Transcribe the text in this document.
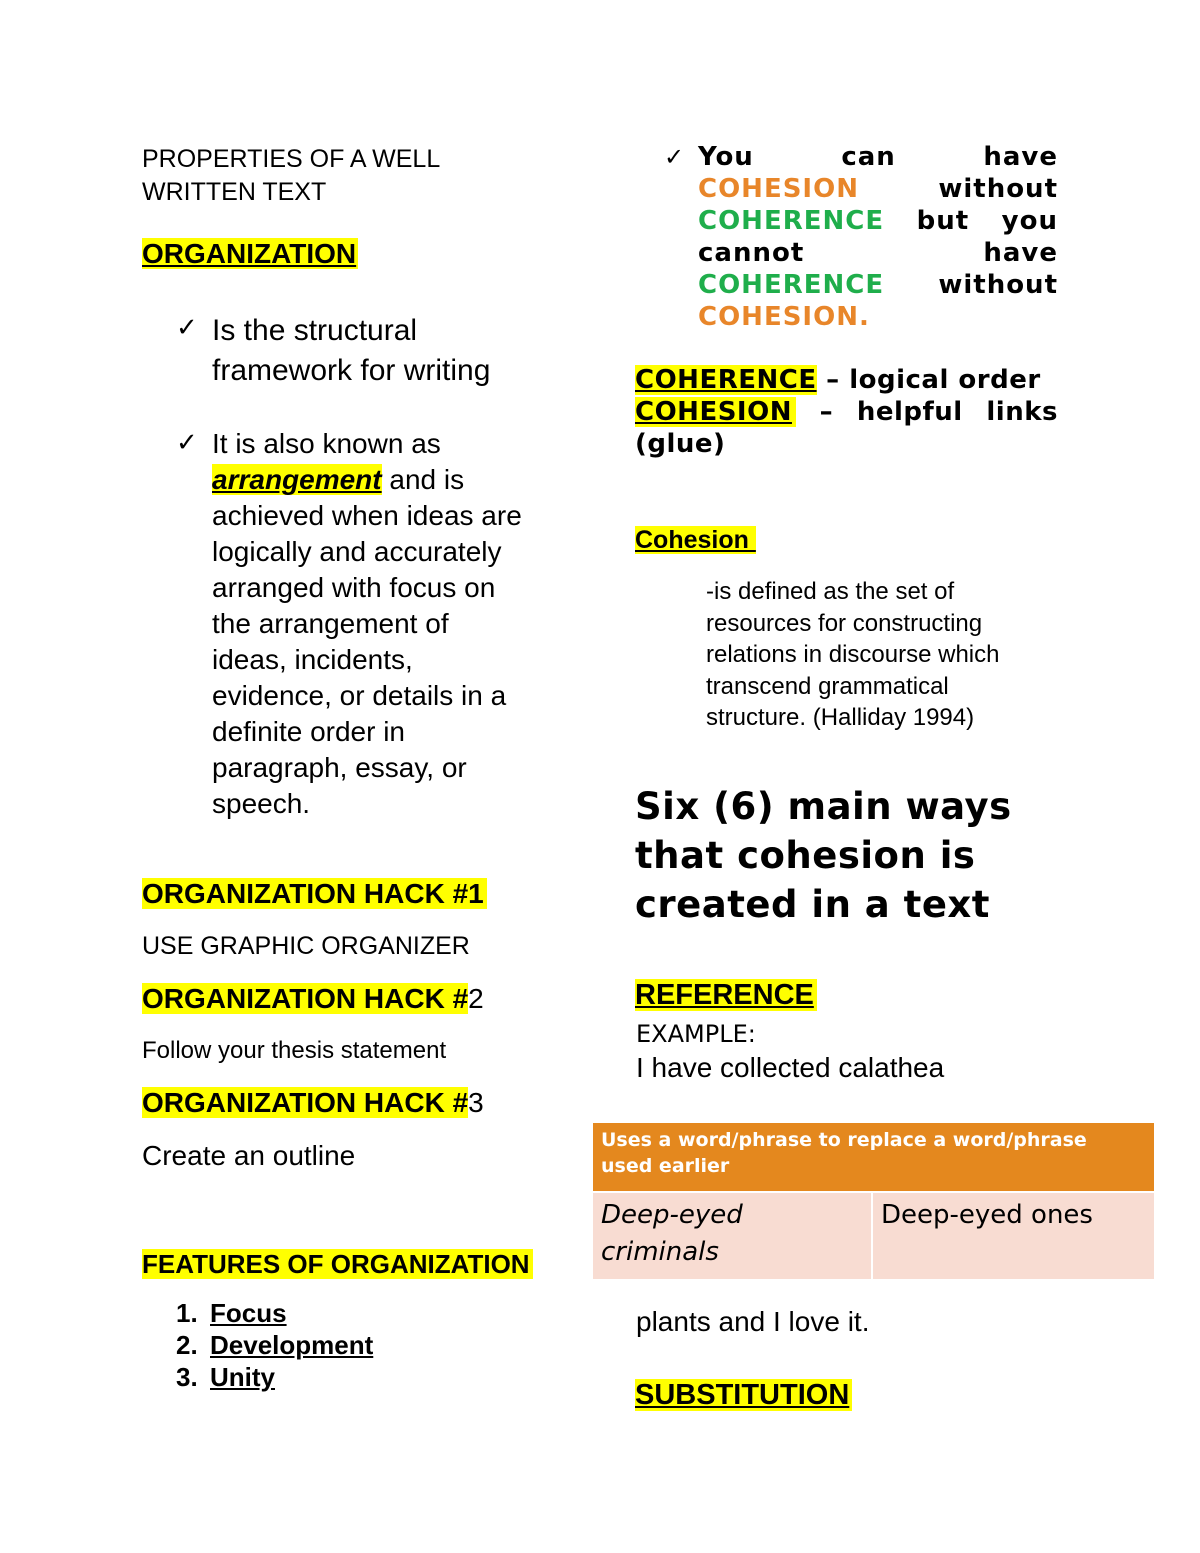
PROPERTIES OF A WELL

WRITTEN TEXT

ORGANIZATION
✓ Is the structural

framework for writing

✓ It is also known as

arrangement and is

achieved when ideas are

logically and accurately

arranged with focus on

the arrangement of

ideas, incidents,

evidence, or details in a

definite order in

paragraph, essay, or

speech.

ORGANIZATION HACK #1
USE GRAPHIC ORGANIZER
ORGANIZATION HACK #2
Follow your thesis statement
ORGANIZATION HACK #3
Create an outline
FEATURES OF ORGANIZATION

1. Focus

2. Development

3. Unity

✓ You	can	have

COHESION	without

COHERENCE but you

cannot	have

COHERENCE without

COHESION.

COHERENCE – logical order

COHESION – helpful links

(glue)

Cohesion

-is defined as the set of

resources for constructing

relations in discourse which

transcend grammatical

structure. (Halliday 1994)

Six (6) main ways

that cohesion is

created in a text

REFERENCE
EXAMPLE:
I have collected calathea
Uses a word/phrase to replace a word/phrase used earlier

Deep-eyed
criminals
	Deep-eyed ones
plants and I love it.
SUBSTITUTION
